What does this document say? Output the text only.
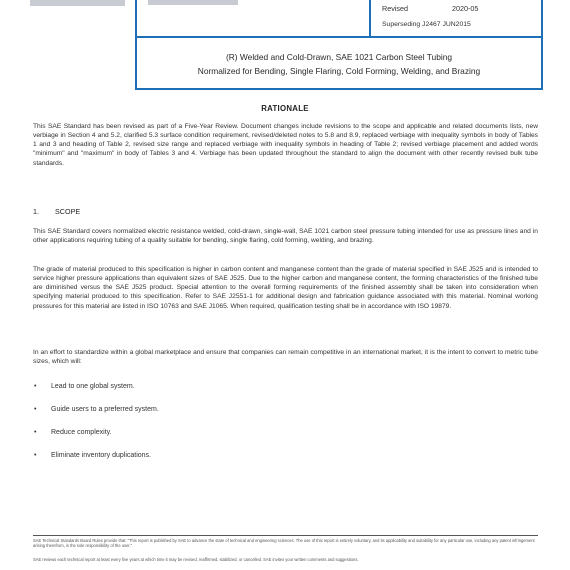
Revised	2020-05
Superseding J2467 JUN2015
(R) Welded and Cold-Drawn, SAE 1021 Carbon Steel Tubing
Normalized for Bending, Single Flaring, Cold Forming, Welding, and Brazing
RATIONALE

This SAE Standard has been revised as part of a Five-Year Review. Document changes include revisions to the scope and applicable and related documents lists, new verbiage in Section 4 and 5.2, clarified 5.3 surface condition requirement, revised/deleted notes to 5.8 and 8.9, replaced verbiage with inequality symbols in body of Tables 1 and 3 and heading of Table 2, revised size range and replaced verbiage with inequality symbols in heading of Table 2; revised verbiage placement and added words "minimum" and "maximum" in body of Tables 3 and 4. Verbiage has been updated throughout the standard to align the document with other recently revised bulk tube standards.

1. SCOPE

This SAE Standard covers normalized electric resistance welded, cold-drawn, single-wall, SAE 1021 carbon steel pressure tubing intended for use as pressure lines and in other applications requiring tubing of a quality suitable for bending, single flaring, cold forming, welding, and brazing.

The grade of material produced to this specification is higher in carbon content and manganese content than the grade of material specified in SAE J525 and is intended to service higher pressure applications than equivalent sizes of SAE J525. Due to the higher carbon and manganese content, the forming characteristics of the finished tube are diminished versus the SAE J525 product. Special attention to the overall forming requirements of the finished assembly shall be taken into consideration when specifying material produced to this specification. Refer to SAE J2551-1 for additional design and fabrication guidance associated with this material. Nominal working pressures for this material are listed in ISO 10763 and SAE J1065. When required, qualification testing shall be in accordance with ISO 19879.

In an effort to standardize within a global marketplace and ensure that companies can remain competitive in an international market, it is the intent to convert to metric tube sizes, which will:

• Lead to one global system.
• Guide users to a preferred system.
• Reduce complexity.
• Eliminate inventory duplications.

SAE Technical Standards Board Rules provide that: "This report is published by SAE to advance the state of technical and engineering sciences. The use of this report is entirely voluntary, and its applicability and suitability for any particular use, including any patent infringement arising therefrom, is the sole responsibility of the user."

SAE reviews each technical report at least every five years at which time it may be revised, reaffirmed, stabilized, or cancelled. SAE invites your written comments and suggestions.
